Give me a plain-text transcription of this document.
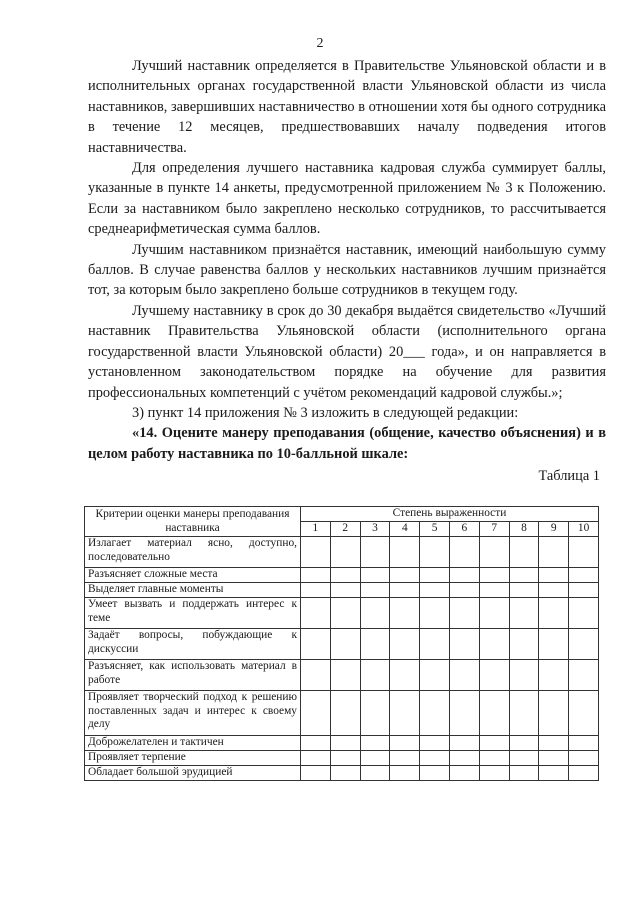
2

Лучший наставник определяется в Правительстве Ульяновской области и в исполнительных органах государственной власти Ульяновской области из числа наставников, завершивших наставничество в отношении хотя бы одного сотрудника в течение 12 месяцев, предшествовавших началу подведения итогов наставничества.

Для определения лучшего наставника кадровая служба суммирует баллы, указанные в пункте 14 анкеты, предусмотренной приложением № 3 к Положению. Если за наставником было закреплено несколько сотрудников, то рассчитывается среднеарифметическая сумма баллов.

Лучшим наставником признаётся наставник, имеющий наибольшую сумму баллов. В случае равенства баллов у нескольких наставников лучшим признаётся тот, за которым было закреплено больше сотрудников в текущем году.

Лучшему наставнику в срок до 30 декабря выдаётся свидетельство «Лучший наставник Правительства Ульяновской области (исполнительного органа государственной власти Ульяновской области) 20___ года», и он направляется в установленном законодательством порядке на обучение для развития профессиональных компетенций с учётом рекомендаций кадровой службы.»;

3) пункт 14 приложения № 3 изложить в следующей редакции:

«14. Оцените манеру преподавания (общение, качество объяснения) и в целом работу наставника по 10-балльной шкале:

Таблица 1
Критерии оценки манеры преподавания наставника	Степень выраженности									
	1	2	3	4	5	6	7	8	9	10
Излагает материал ясно, доступно, последовательно										
Разъясняет сложные места										
Выделяет главные моменты										
Умеет вызвать и поддержать интерес к теме										
Задаёт вопросы, побуждающие к дискуссии										
Разъясняет, как использовать материал в работе										
Проявляет творческий подход к решению поставленных задач и интерес к своему делу										
Доброжелателен и тактичен										
Проявляет терпение										
Обладает большой эрудицией										
